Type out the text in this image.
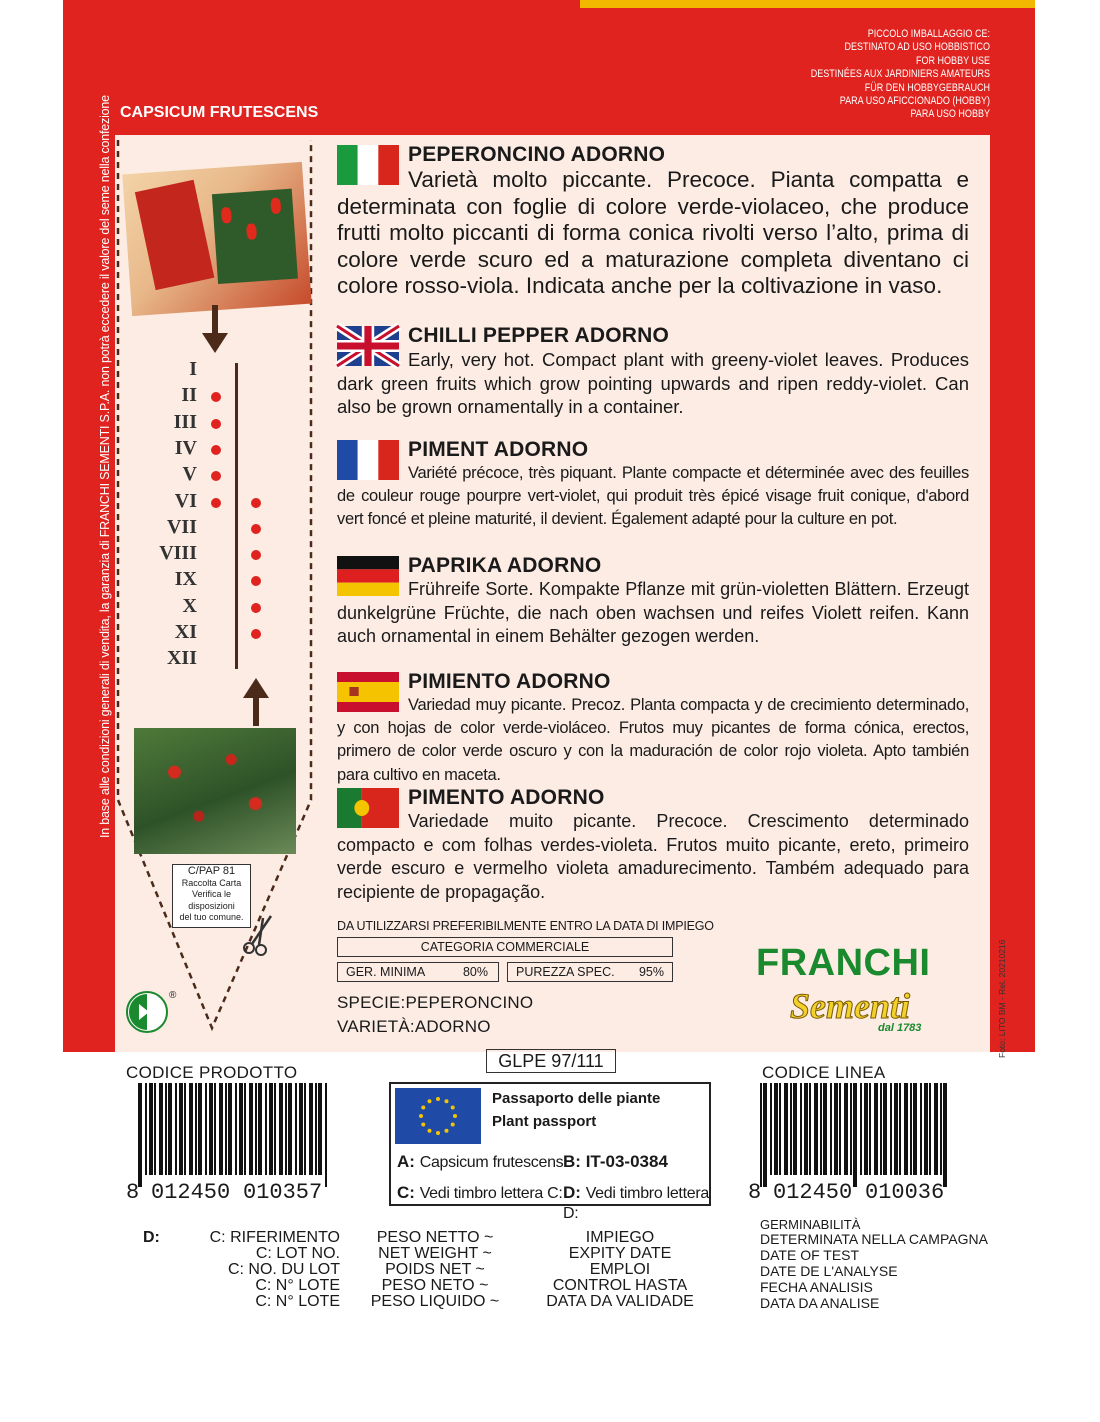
PICCOLO IMBALLAGGIO CE:
DESTINATO AD USO HOBBISTICO
FOR HOBBY USE
DESTINÉES AUX JARDINIERS AMATEURS
FÜR DEN HOBBYGEBRAUCH
PARA USO AFICCIONADO (HOBBY)
PARA USO HOBBY
CAPSICUM FRUTESCENS
In base alle condizioni generali di vendita, la garanzia di FRANCHI SEMENTI S.P.A. non potrà eccedere il valore del seme nella confezione	I
II
III
IV
V
VI
VII
VIII
IX
X
XI
XII
C/PAP 81
Raccolta Carta
Verifica le
disposizioni
del tuo comune.
®
PEPERONCINO ADORNO

Varietà molto piccante. Precoce. Pianta compatta e determinata con foglie di colore verde-violaceo, che produce frutti molto piccanti di forma conica rivolti verso l’alto, prima di colore verde scuro ed a maturazione completa diventano ci colore rosso-viola. Indicata anche per la coltivazione in vaso.

CHILLI PEPPER ADORNO

Early, very hot. Compact plant with greeny-violet leaves. Produces dark green fruits which grow pointing upwards and ripen reddy-violet. Can also be grown ornamentally in a container.

PIMENT ADORNO

Variété précoce, très piquant. Plante compacte et déterminée avec des feuilles de couleur rouge pourpre vert-violet, qui produit très épicé visage fruit conique, d'abord vert foncé et pleine maturité, il devient. Également adapté pour la culture en pot.

PAPRIKA ADORNO

Frühreife Sorte. Kompakte Pflanze mit grün-violetten Blättern. Erzeugt dunkelgrüne Früchte, die nach oben wachsen und reifes Violett reifen. Kann auch ornamental in einem Behälter gezogen werden.

PIMIENTO ADORNO

Variedad muy picante. Precoz. Planta compacta y de crecimiento determinado, y con hojas de color verde-violáceo. Frutos muy picantes de forma cónica, erectos, primero de color verde oscuro y con la maduración de color rojo violeta. Apto también para cultivo en maceta.

PIMENTO ADORNO

Variedade muito picante. Precoce. Crescimento determinado compacto e com folhas verdes-violeta. Frutos muito picante, ereto, primeiro verde escuro e vermelho violeta amadurecimento. Também adequado para recipiente de propagação.

DA UTILIZZARSI PREFERIBILMENTE ENTRO LA DATA DI IMPIEGO
CATEGORIA COMMERCIALE
GER. MINIMA	80%	PUREZZA SPEC. 95%
SPECIE:PEPERONCINO
VARIETÀ:ADORNO
FRANCHI
Sementi
dal 1783	Foto: LITO BM - Rel. 20210216
GLPE 97/111
CODICE PRODOTTO
8 012450 010357
Passaporto delle piante
Plant passport
A: Capsicum frutescens B: IT-03-0384
C: Vedi timbro lettera C: D: Vedi timbro lettera D:
CODICE LINEA
8 012450 010036
D:	C: RIFERIMENTO
C: LOT NO.
C: NO. DU LOT
C: N° LOTE
C: N° LOTE
PESO NETTO ~
NET WEIGHT ~
POIDS NET ~
PESO NETO ~
PESO LIQUIDO ~
IMPIEGO
EXPITY DATE
EMPLOI
CONTROL HASTA
DATA DA VALIDADE
GERMINABILITÀ
DETERMINATA NELLA CAMPAGNA
DATE OF TEST
DATE DE L'ANALYSE
FECHA ANALISIS
DATA DA ANALISE
